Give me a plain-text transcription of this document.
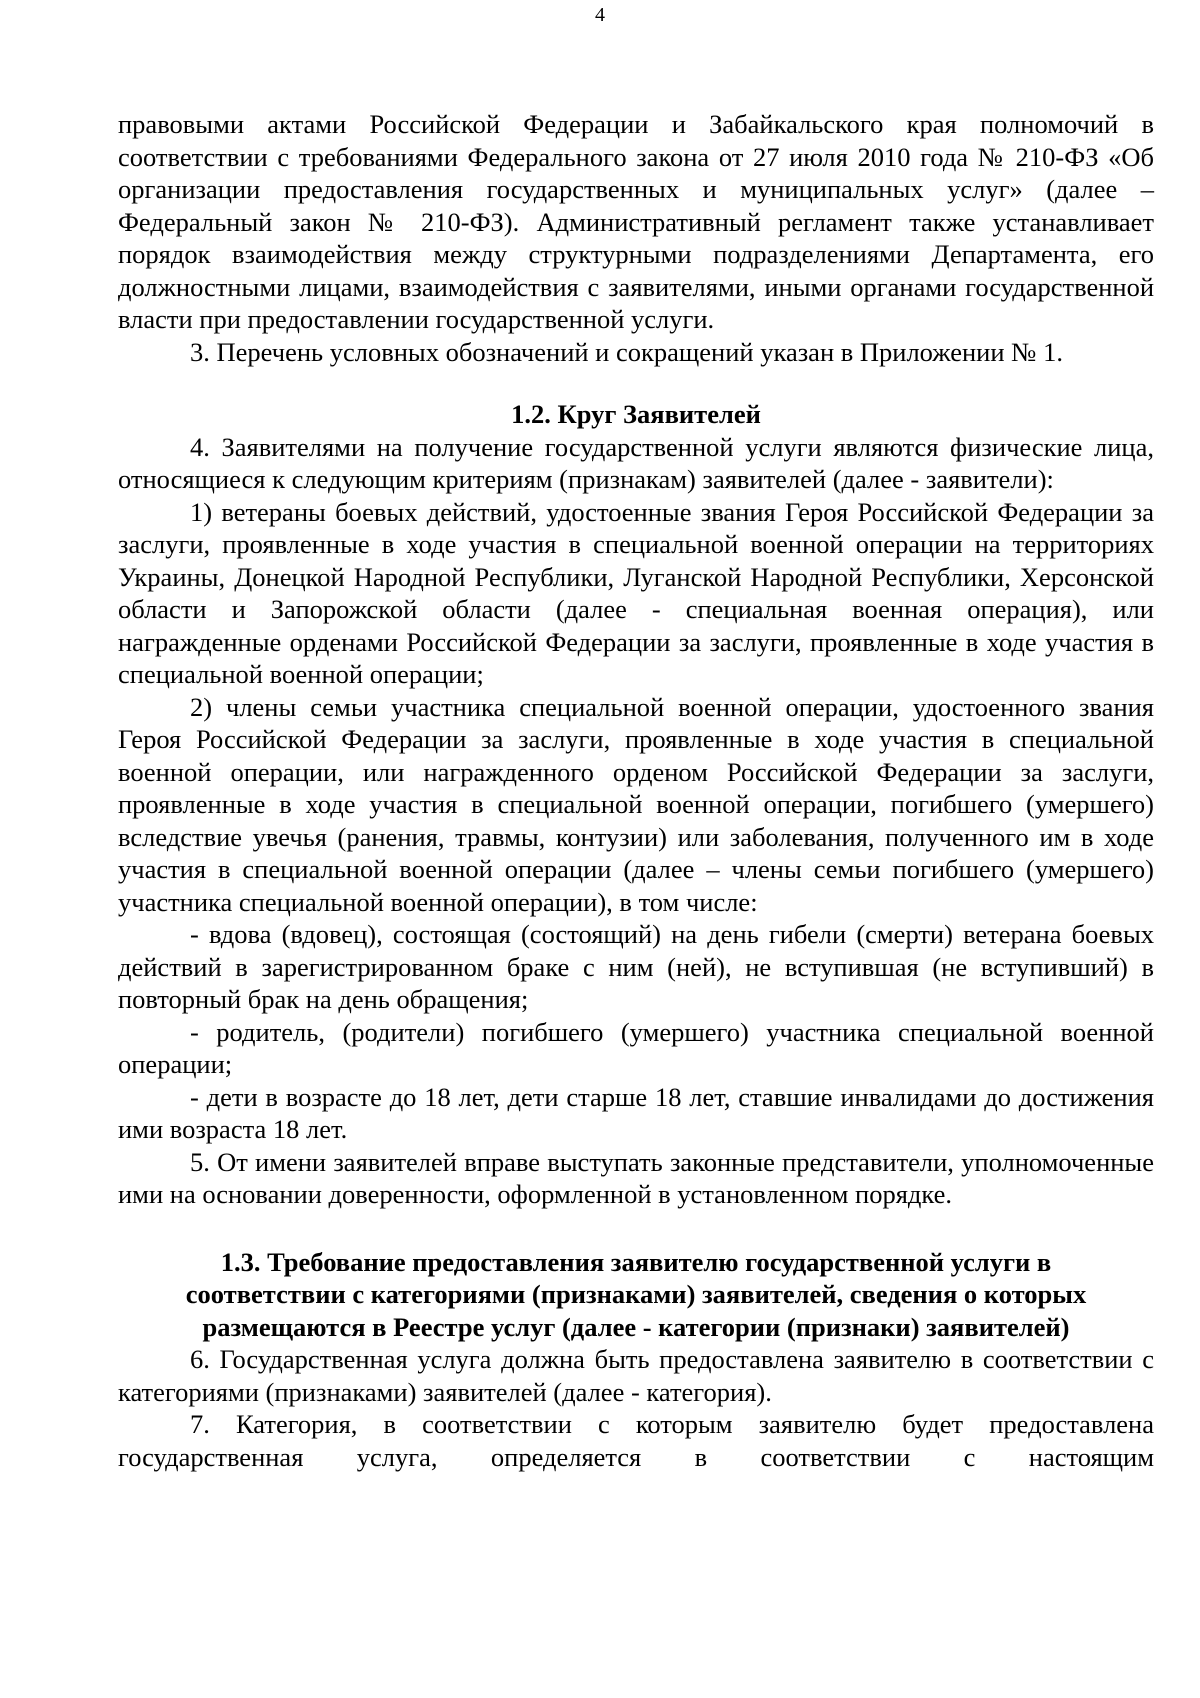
4

правовыми актами Российской Федерации и Забайкальского края полномочий в соответствии с требованиями Федерального закона от 27 июля 2010 года № 210-ФЗ «Об организации предоставления государственных и муниципальных услуг» (далее – Федеральный закон № 210-ФЗ). Административный регламент также устанавливает порядок взаимодействия между структурными подразделениями Департамента, его должностными лицами, взаимодействия с заявителями, иными органами государственной власти при предоставлении государственной услуги.

3. Перечень условных обозначений и сокращений указан в Приложении № 1.

1.2. Круг Заявителей

4. Заявителями на получение государственной услуги являются физические лица, относящиеся к следующим критериям (признакам) заявителей (далее - заявители):

1) ветераны боевых действий, удостоенные звания Героя Российской Федерации за заслуги, проявленные в ходе участия в специальной военной операции на территориях Украины, Донецкой Народной Республики, Луганской Народной Республики, Херсонской области и Запорожской области (далее - специальная военная операция), или награжденные орденами Российской Федерации за заслуги, проявленные в ходе участия в специальной военной операции;

2) члены семьи участника специальной военной операции, удостоенного звания Героя Российской Федерации за заслуги, проявленные в ходе участия в специальной военной операции, или награжденного орденом Российской Федерации за заслуги, проявленные в ходе участия в специальной военной операции, погибшего (умершего) вследствие увечья (ранения, травмы, контузии) или заболевания, полученного им в ходе участия в специальной военной операции (далее – члены семьи погибшего (умершего) участника специальной военной операции), в том числе:

- вдова (вдовец), состоящая (состоящий) на день гибели (смерти) ветерана боевых действий в зарегистрированном браке с ним (ней), не вступившая (не вступивший) в повторный брак на день обращения;

- родитель, (родители) погибшего (умершего) участника специальной военной операции;

- дети в возрасте до 18 лет, дети старше 18 лет, ставшие инвалидами до достижения ими возраста 18 лет.

5. От имени заявителей вправе выступать законные представители, уполномоченные ими на основании доверенности, оформленной в установленном порядке.

1.3. Требование предоставления заявителю государственной услуги в
соответствии с категориями (признаками) заявителей, сведения о которых
размещаются в Реестре услуг (далее - категории (признаки) заявителей)

6. Государственная услуга должна быть предоставлена заявителю в соответствии с категориями (признаками) заявителей (далее - категория).

7. Категория, в соответствии с которым заявителю будет предоставлена государственная услуга, определяется в соответствии с настоящим
